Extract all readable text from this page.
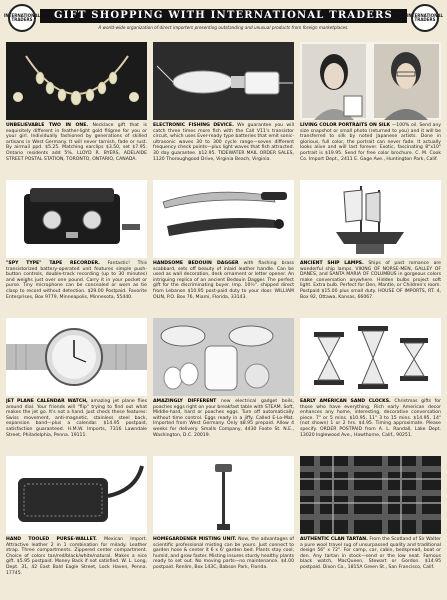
INTERNATIONAL TRADERS	GIFT SHOPPING WITH INTERNATIONAL TRADERS
A world-wide organization of direct importers presenting outstanding and unusual products from foreign marketplaces.
INTERNATIONAL TRADERS
UNBELIEVABLE TWO IN ONE. Necklace gift that is exquisitely different in feather-light gold filigree for you or your girl. Individually fashioned by generations of skilled artisans in West Germany. It will never tarnish, fade or rust. By airmail ppd. $5.25. Matching earclips $3.50, set $7.95. Ontario residents add 5%. LLOYD R. BYERS, ADELAIDE STREET POSTAL STATION, TORONTO, ONTARIO, CANADA.
ELECTRONIC FISHING DEVICE. We guarantee you will catch three times more fish with the Call V11's transistor circuit, which uses Ever-ready type batteries that emit sonic-ultrasonic waves 30 to 300 cycle range—seven different frequency check points—plus light waves that fish attracted. 30 day guarantee. $12.95. TIDEWATER MAIL ORDER SALES, 1120 Thoroughgood Drive, Virginia Beach, Virginia.
LIVING COLOR PORTRAITS ON SILK —100% oil. Send any size snapshot or small photo (returned to you) and it will be transferred to silk by noted Japanese artists. Done in glorious, full color, the portrait can never fade. It actually looks alive and will last forever. Exotic, fascinating 8"x10" portrait is $19.95. Send for free color brochure. C. M. Cook Co. Import Dept., 2411 E. Gage Ave., Huntington Park, Calif.
"SPY TYPE" TAPE RECORDER. Fantastic! This transistorized battery-operated unit features simple push-button controls, double-track recording (up to 30 minutes) and weighs just over one pound. Carry it in your pocket or purse. Tiny microphone can be concealed or worn as tie clasp to record without detection. $29.00 Postpaid. Favorite Enterprises, Box 9779, Minneapolis, Minnesota, 55440.
HANDSOME BEDOUIN DAGGER with flashing brass scabbard, sets off beauty of inlaid leather handle. Can be used as wall decoration, desk ornament or letter opener. An intriguing replica of an ancient Bedouin Dagger. The perfect gift for the discriminating buyer. Imp. 10½". shipped direct from Lebanon $10.95 post-paid duty to your door. WILLIAM OLIN, P.O. Box 76, Miami, Florida, 33143.
ANCIENT SHIP LAMPS. Ships of past romance are wonderful ship lamps. VIKING OF NORSE-MEN, GALLEY OF DANES, and SANTA MARIA OF COLUMBUS in gorgeous colors make conversation anywhere. Hidden bulbs project soft light. Extra bulb. Perfect for Den, Mantle, or Children's room. Postpaid $15.00 plus small duty. HOUSE OF IMPORTS, RT. 4, Box 92, Ottawa, Kansas, 66067.
JET PLANE CALENDAR WATCH, amazing jet plane flies around dial. Your friends will "flip" trying to find out what makes the jet go. It's not a hand. Just check these features: Swiss movement, anti-magnetic, stainless steel back, expansion band—plus a calendar. $14.95 postpaid, satisfaction guaranteed. H.M.W. Imports, 7316 Lawndale Street, Philadelphia, Penna. 19111.
AMAZINGLY DIFFERENT new electrical gadget boils, poaches eggs right on your breakfast table with STEAM. Soft, Middle-hard, hard or poaches eggs. Turn off automatically without time control. Eggs ready in a jiffy. Called E-Lo-Mat. Imported from West Germany. Only $8.95 prepaid. Allow 4 weeks for delivery. Smalls Company, 4430 Foote St. N.E., Washington, D.C. 20019.
EARLY AMERICAN SAND CLOCKS. Christmas gifts for those who have everything. Rich early American decor enhances any home, interesting, decorative conversation piece. 7" or 5 mins. $10.95, 11" 3 to 15 mins. $14.95, 14" (not shown) 1 or 2 hrs. $4.95. Timing approximate. Please specify. ORDER POSTPAID from A. L. Randall, Lake Dept. 13020 Inglewood Ave., Hawthorne, Calif., 90251.
HAND TOOLED PURSE-WALLET. Mexican Import. Attractive leather 2 in 1 combination for milady. Leather strap. Three compartments. Zippered center compartment. Choice of colors tan/red/black/white/natural. Makes a nice gift. $5.95 postpaid. Money Back if not satisfied. W. L. Long, Dept. 31, 42 East Bald Eagle Street, Lock Haven, Penna. 17745.
HOMEGARDENER MISTING UNIT. Now, the advantages of scientific professional misting can be yours. Just connect to garden hose & center it 6 x 6' garden bed. Plants stay cool, humid, and grow faster. Misting insures sturdy healthy plants ready to set out. No moving parts—no maintenance. $4.00 postpaid. Renlim, Box 143C, Babson Park, Florida.
AUTHENTIC CLAN TARTAN. From the Scotland of Sir Walter a pure wool travel rug of unsurpassed quality and traditional design 56" x 72". For camp, car, cabin, bedspread, boat or den. Any tartan in stock—send or the low neat. Famous black watch, MacQueen, Stewart or Gordon. $14.95 postpaid. Dixon Co., 1815A Green St., San Francisco, Calif.
